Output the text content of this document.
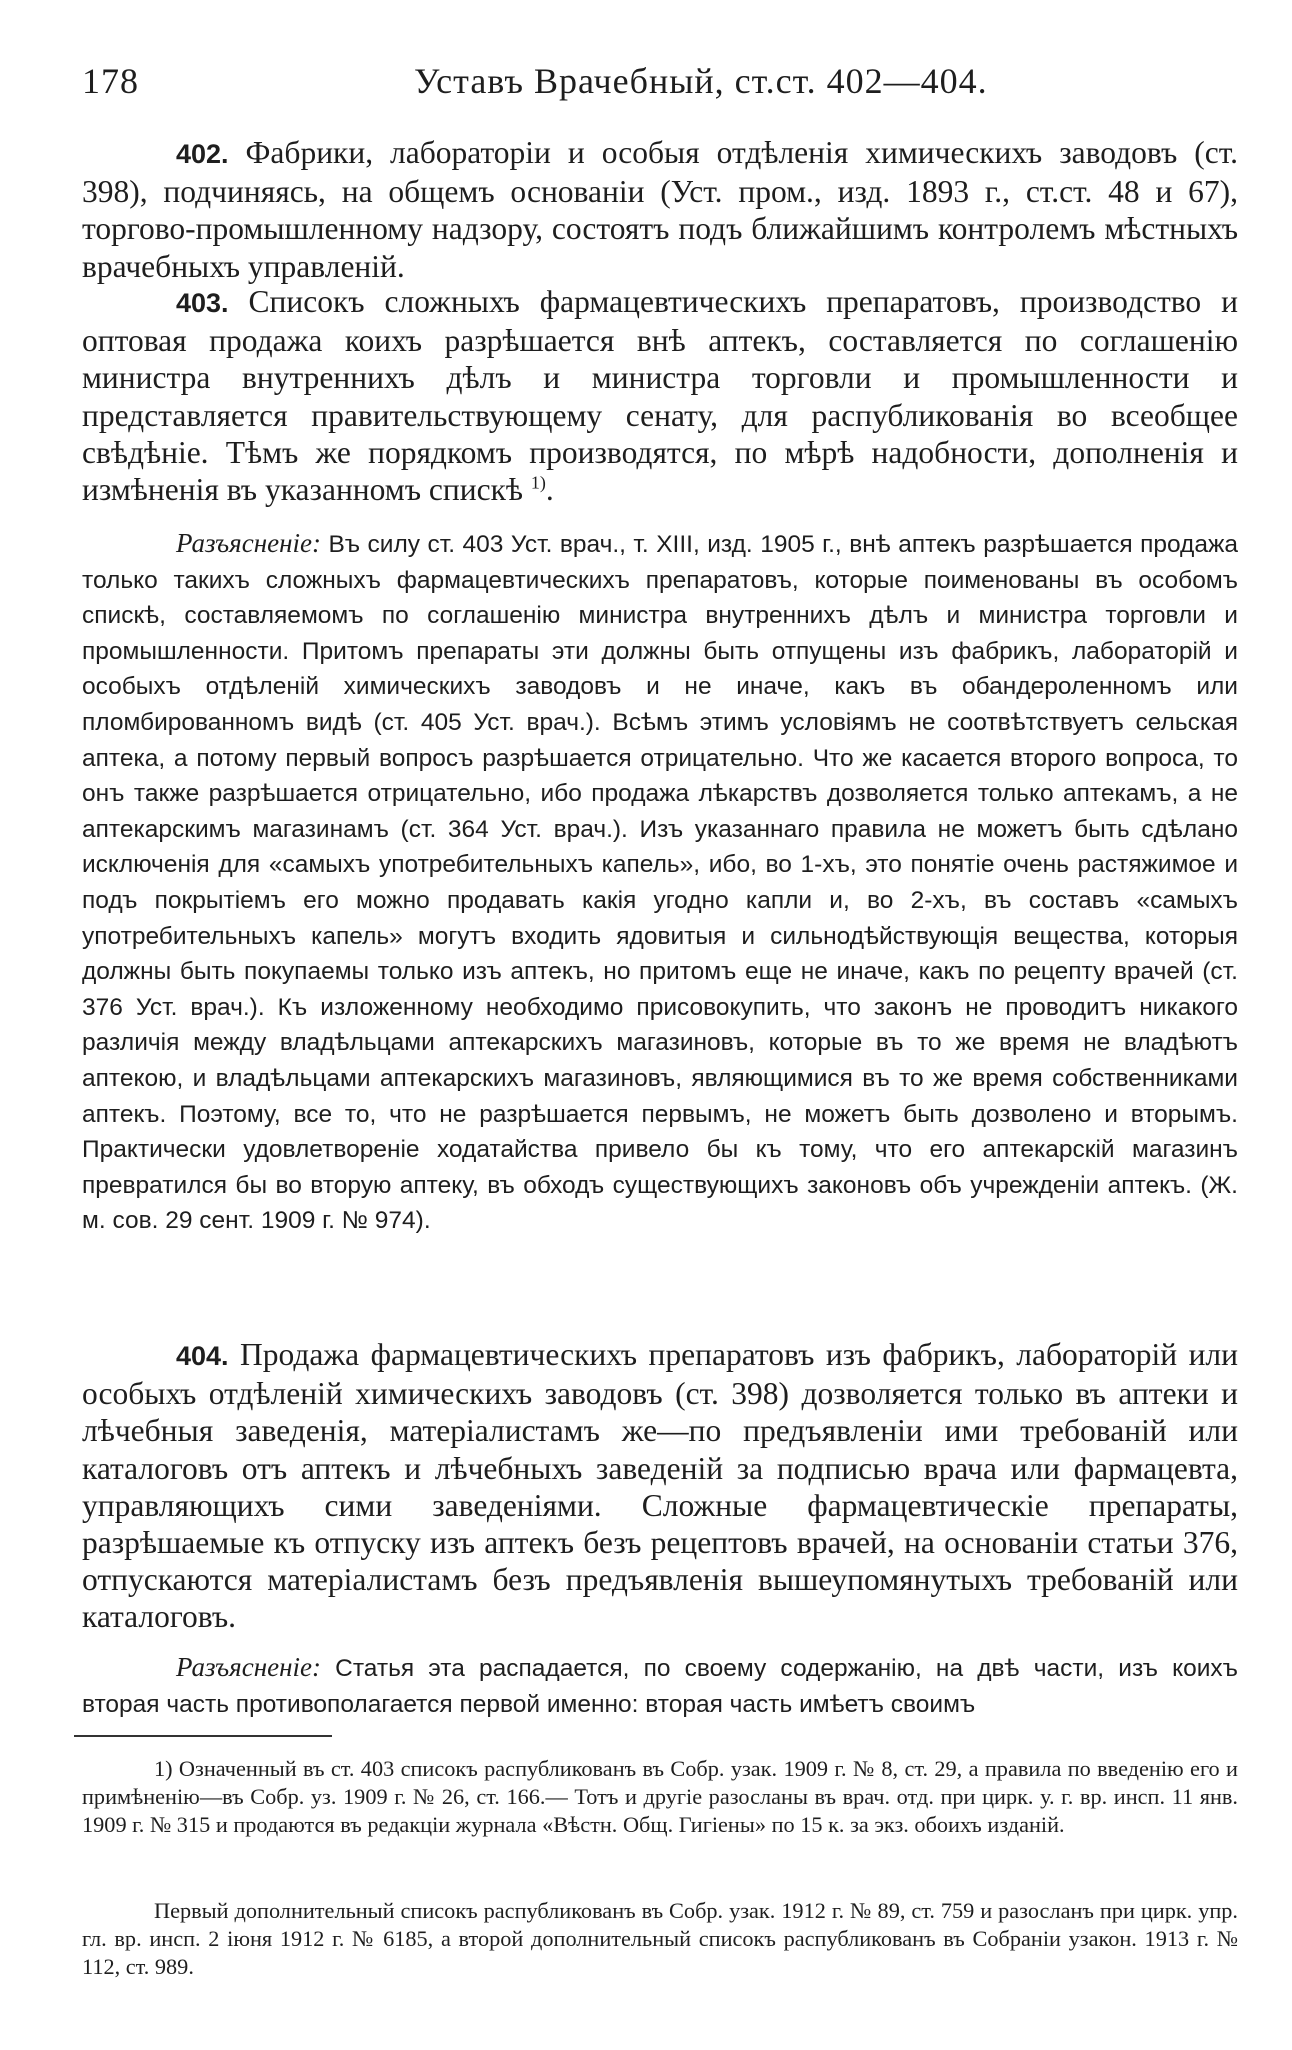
178	Уставъ Врачебный, ст.ст. 402—404.
402. Фабрики, лабораторіи и особыя отдѣленія химическихъ заводовъ (ст. 398), подчиняясь, на общемъ основаніи (Уст. пром., изд. 1893 г., ст.ст. 48 и 67), торгово-промышленному надзору, состоятъ подъ ближайшимъ контролемъ мѣстныхъ врачебныхъ управленій.
403. Списокъ сложныхъ фармацевтическихъ препаратовъ, производство и оптовая продажа коихъ разрѣшается внѣ аптекъ, составляется по соглашенію министра внутреннихъ дѣлъ и министра торговли и промышленности и представляется правительствующему сенату, для распубликованія во всеобщее свѣдѣніе. Тѣмъ же порядкомъ производятся, по мѣрѣ надобности, дополненія и измѣненія въ указанномъ спискѣ $^{1)}$.
Разъясненіе: Въ силу ст. 403 Уст. врач., т. XIII, изд. 1905 г., внѣ аптекъ разрѣшается продажа только такихъ сложныхъ фармацевтическихъ препаратовъ, которые поименованы въ особомъ спискѣ, составляемомъ по соглашенію министра внутреннихъ дѣлъ и министра торговли и промышленности. Притомъ препараты эти должны быть отпущены изъ фабрикъ, лабораторій и особыхъ отдѣленій химическихъ заводовъ и не иначе, какъ въ обандероленномъ или пломбированномъ видѣ (ст. 405 Уст. врач.). Всѣмъ этимъ условіямъ не соотвѣтствуетъ сельская аптека, а потому первый вопросъ разрѣшается отрицательно. Что же касается второго вопроса, то онъ также разрѣшается отрицательно, ибо продажа лѣкарствъ дозволяется только аптекамъ, а не аптекарскимъ магазинамъ (ст. 364 Уст. врач.). Изъ указаннаго правила не можетъ быть сдѣлано исключенія для «самыхъ употребительныхъ капель», ибо, во 1-хъ, это понятіе очень растяжимое и подъ покрытіемъ его можно продавать какія угодно капли и, во 2-хъ, въ составъ «самыхъ употребительныхъ капель» могутъ входить ядовитыя и сильнодѣйствующія вещества, которыя должны быть покупаемы только изъ аптекъ, но притомъ еще не иначе, какъ по рецепту врачей (ст. 376 Уст. врач.). Къ изложенному необходимо присовокупить, что законъ не проводитъ никакого различія между владѣльцами аптекарскихъ магазиновъ, которые въ то же время не владѣютъ аптекою, и владѣльцами аптекарскихъ магазиновъ, являющимися въ то же время собственниками аптекъ. Поэтому, все то, что не разрѣшается первымъ, не можетъ быть дозволено и вторымъ. Практически удовлетвореніе ходатайства привело бы къ тому, что его аптекарскій магазинъ превратился бы во вторую аптеку, въ обходъ существующихъ законовъ объ учрежденіи аптекъ. (Ж. м. сов. 29 сент. 1909 г. № 974).
404. Продажа фармацевтическихъ препаратовъ изъ фабрикъ, лабораторій или особыхъ отдѣленій химическихъ заводовъ (ст. 398) дозволяется только въ аптеки и лѣчебныя заведенія, матеріалистамъ же—по предъявленіи ими требованій или каталоговъ отъ аптекъ и лѣчебныхъ заведеній за подписью врача или фармацевта, управляющихъ сими заведеніями. Сложные фармацевтическіе препараты, разрѣшаемые къ отпуску изъ аптекъ безъ рецептовъ врачей, на основаніи статьи 376, отпускаются матеріалистамъ безъ предъявленія вышеупомянутыхъ требованій или каталоговъ.
Разъясненіе: Статья эта распадается, по своему содержанію, на двѣ части, изъ коихъ вторая часть противополагается первой именно: вторая часть имѣетъ своимъ
1) Означенный въ ст. 403 списокъ распубликованъ въ Собр. узак. 1909 г. № 8, ст. 29, а правила по введенію его и примѣненію—въ Собр. уз. 1909 г. № 26, ст. 166.— Тотъ и другіе разосланы въ врач. отд. при цирк. у. г. вр. инсп. 11 янв. 1909 г. № 315 и продаются въ редакціи журнала «Вѣстн. Общ. Гигіены» по 15 к. за экз. обоихъ изданій.
Первый дополнительный списокъ распубликованъ въ Собр. узак. 1912 г. № 89, ст. 759 и разосланъ при цирк. упр. гл. вр. инсп. 2 іюня 1912 г. № 6185, а второй дополнительный списокъ распубликованъ въ Собраніи узакон. 1913 г. № 112, ст. 989.
